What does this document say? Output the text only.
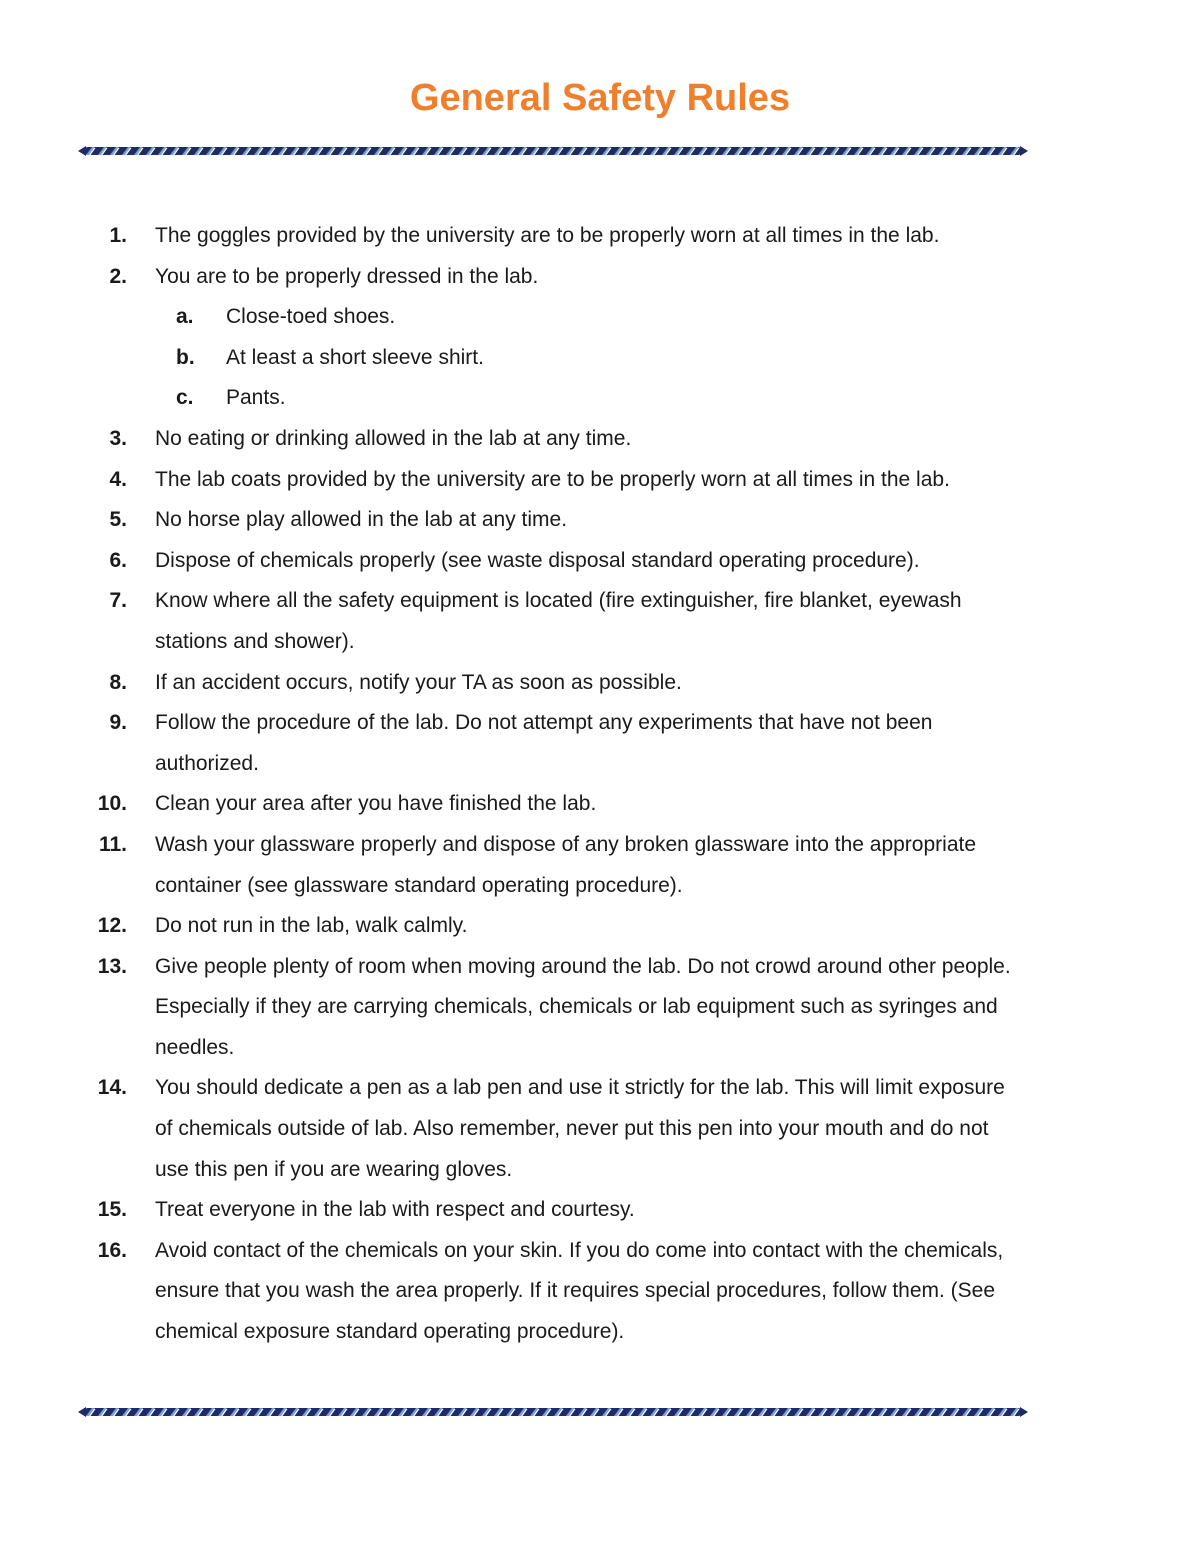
General Safety Rules
1. The goggles provided by the university are to be properly worn at all times in the lab.
2. You are to be properly dressed in the lab.
a. Close-toed shoes.
b. At least a short sleeve shirt.
c. Pants.
3. No eating or drinking allowed in the lab at any time.
4. The lab coats provided by the university are to be properly worn at all times in the lab.
5. No horse play allowed in the lab at any time.
6. Dispose of chemicals properly (see waste disposal standard operating procedure).
7. Know where all the safety equipment is located (fire extinguisher, fire blanket, eyewash
stations and shower).
8. If an accident occurs, notify your TA as soon as possible.
9. Follow the procedure of the lab. Do not attempt any experiments that have not been
authorized.
10. Clean your area after you have finished the lab.
11. Wash your glassware properly and dispose of any broken glassware into the appropriate
container (see glassware standard operating procedure).
12. Do not run in the lab, walk calmly.
13. Give people plenty of room when moving around the lab. Do not crowd around other people.
Especially if they are carrying chemicals, chemicals or lab equipment such as syringes and
needles.
14. You should dedicate a pen as a lab pen and use it strictly for the lab. This will limit exposure
of chemicals outside of lab. Also remember, never put this pen into your mouth and do not
use this pen if you are wearing gloves.
15. Treat everyone in the lab with respect and courtesy.
16. Avoid contact of the chemicals on your skin. If you do come into contact with the chemicals,
ensure that you wash the area properly. If it requires special procedures, follow them. (See
chemical exposure standard operating procedure).
